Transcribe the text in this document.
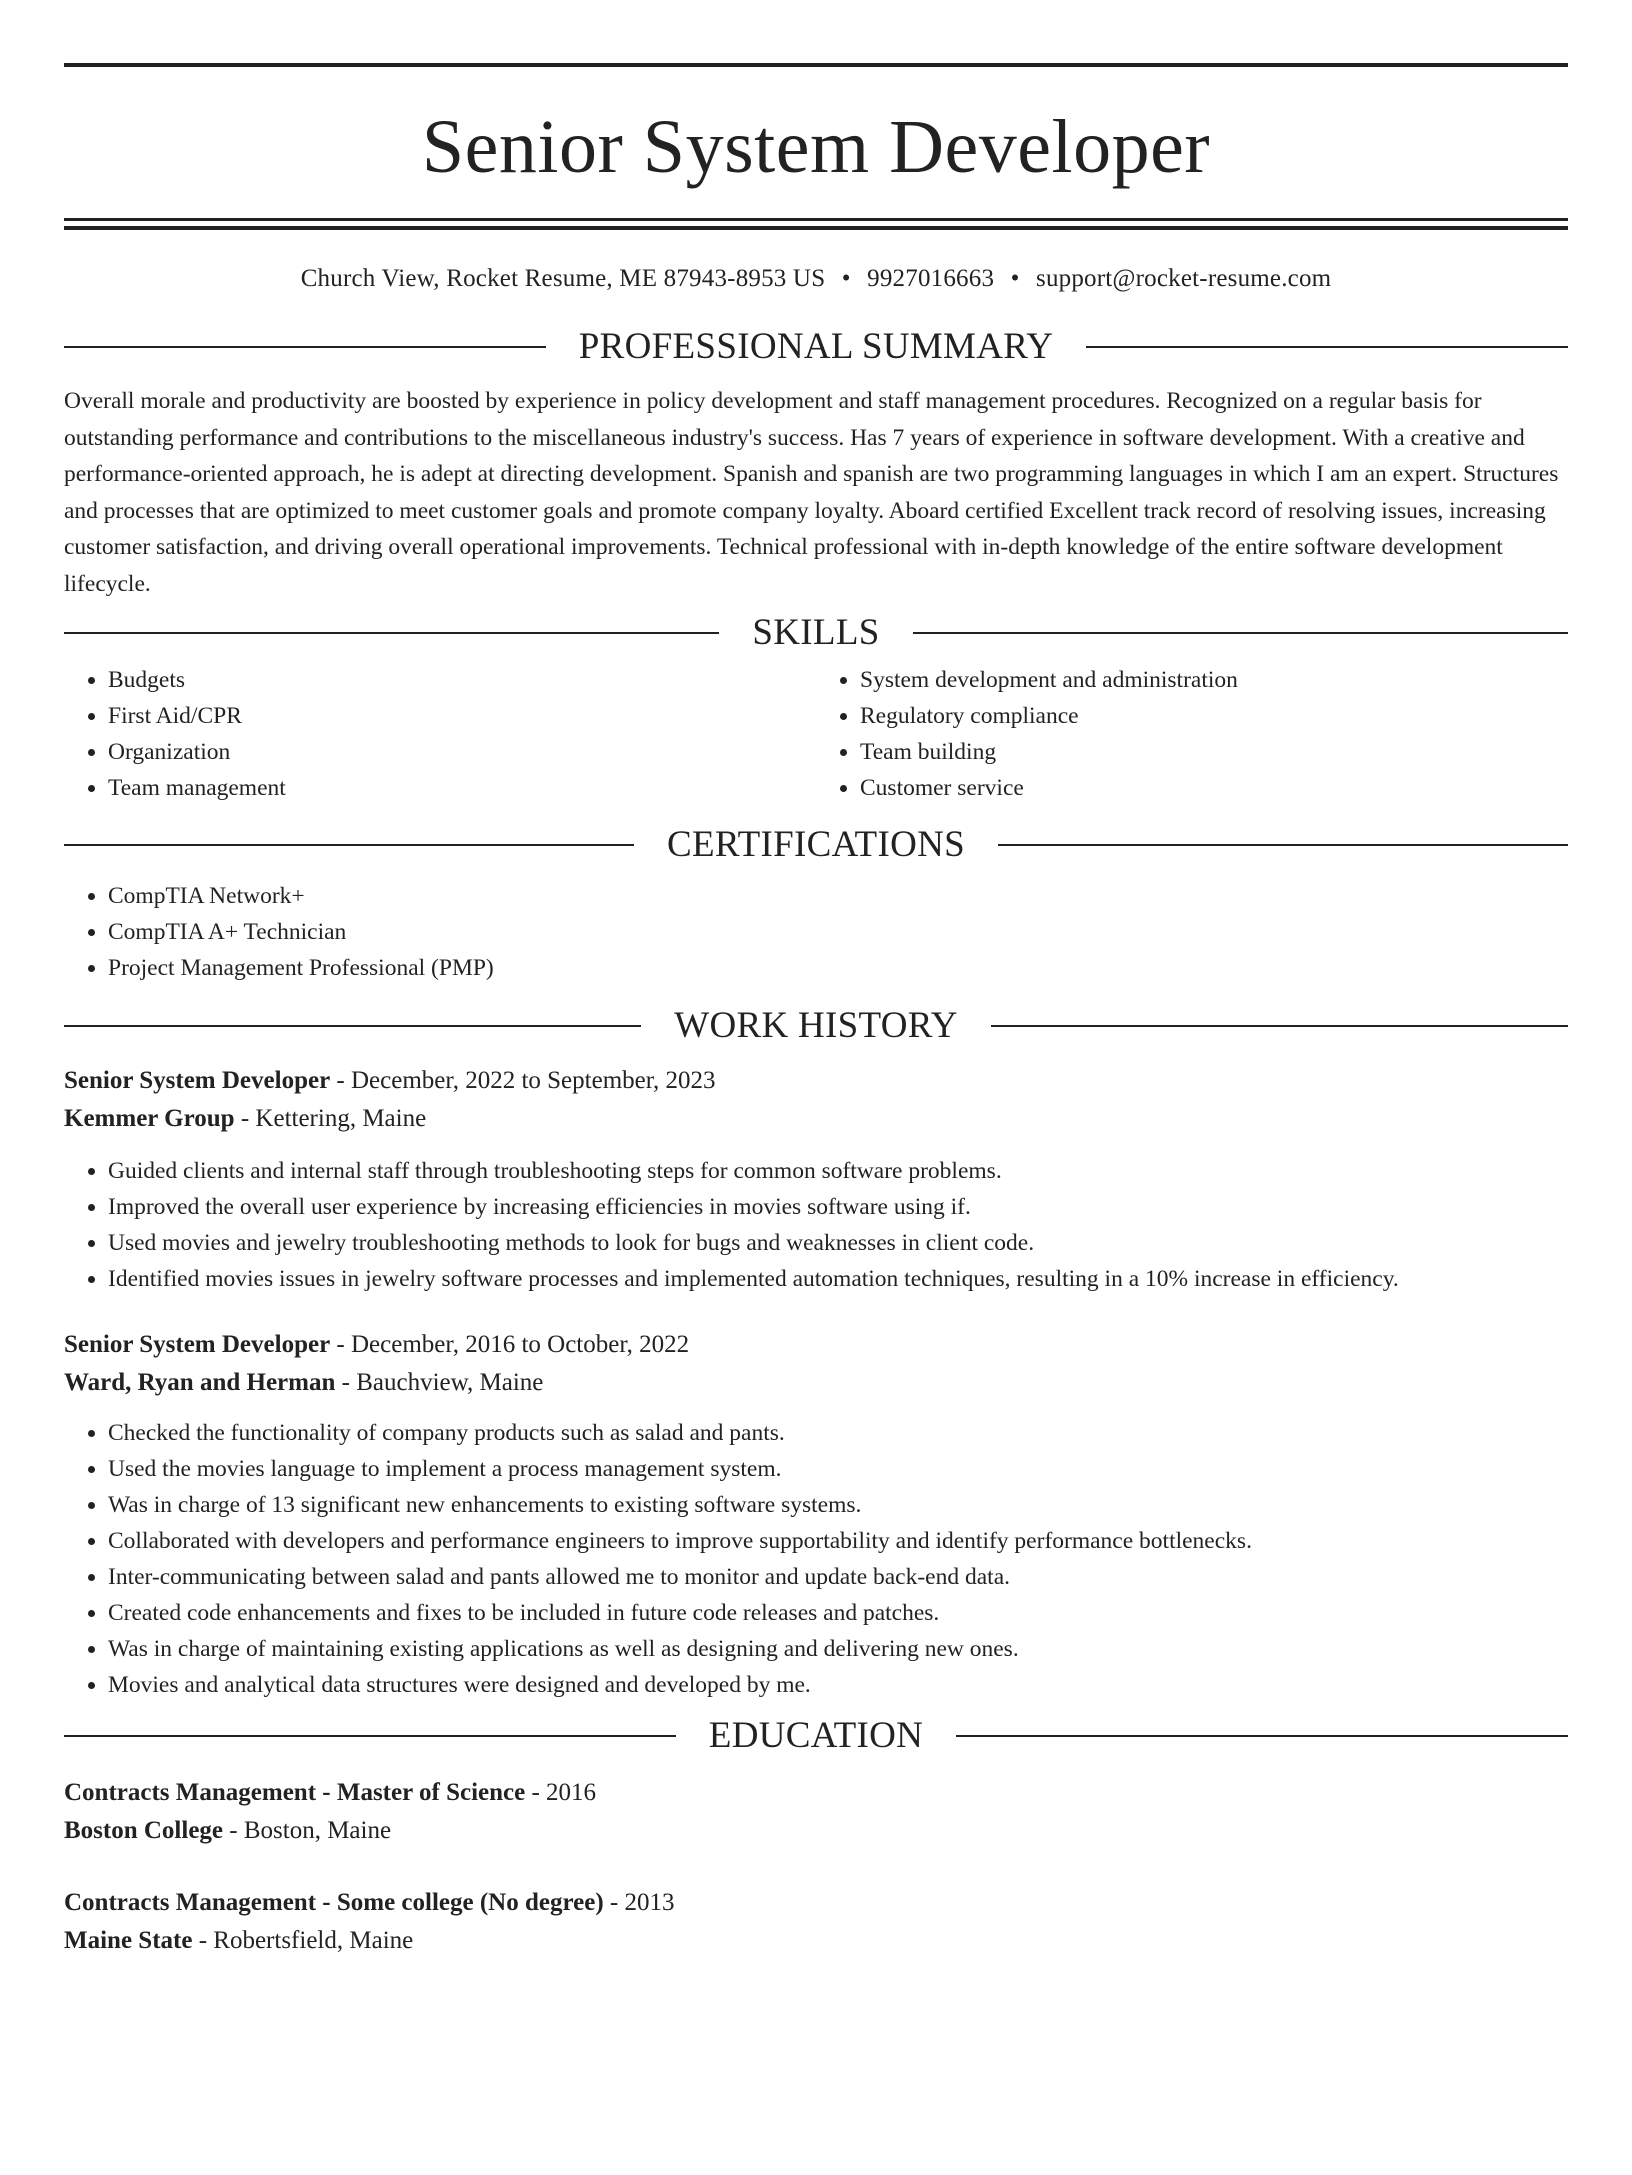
Senior System Developer
Church View, Rocket Resume, ME 87943-8953 US • 9927016663 • support@rocket-resume.com
PROFESSIONAL SUMMARY

Overall morale and productivity are boosted by experience in policy development and staff management procedures. Recognized on a regular basis for outstanding performance and contributions to the miscellaneous industry's success. Has 7 years of experience in software development. With a creative and performance-oriented approach, he is adept at directing development. Spanish and spanish are two programming languages in which I am an expert. Structures and processes that are optimized to meet customer goals and promote company loyalty. Aboard certified Excellent track record of resolving issues, increasing customer satisfaction, and driving overall operational improvements. Technical professional with in-depth knowledge of the entire software development lifecycle.

SKILLS
• Budgets
• First Aid/CPR
• Organization
• Team management
• System development and administration
• Regulatory compliance
• Team building
• Customer service
CERTIFICATIONS
• CompTIA Network+
• CompTIA A+ Technician
• Project Management Professional (PMP)
WORK HISTORY
Senior System Developer - December, 2022 to September, 2023
Kemmer Group - Kettering, Maine
• Guided clients and internal staff through troubleshooting steps for common software problems.
• Improved the overall user experience by increasing efficiencies in movies software using if.
• Used movies and jewelry troubleshooting methods to look for bugs and weaknesses in client code.
• Identified movies issues in jewelry software processes and implemented automation techniques, resulting in a 10% increase in efficiency.
Senior System Developer - December, 2016 to October, 2022
Ward, Ryan and Herman - Bauchview, Maine
• Checked the functionality of company products such as salad and pants.
• Used the movies language to implement a process management system.
• Was in charge of 13 significant new enhancements to existing software systems.
• Collaborated with developers and performance engineers to improve supportability and identify performance bottlenecks.
• Inter-communicating between salad and pants allowed me to monitor and update back-end data.
• Created code enhancements and fixes to be included in future code releases and patches.
• Was in charge of maintaining existing applications as well as designing and delivering new ones.
• Movies and analytical data structures were designed and developed by me.
EDUCATION
Contracts Management - Master of Science - 2016
Boston College - Boston, Maine
Contracts Management - Some college (No degree) - 2013
Maine State - Robertsfield, Maine
